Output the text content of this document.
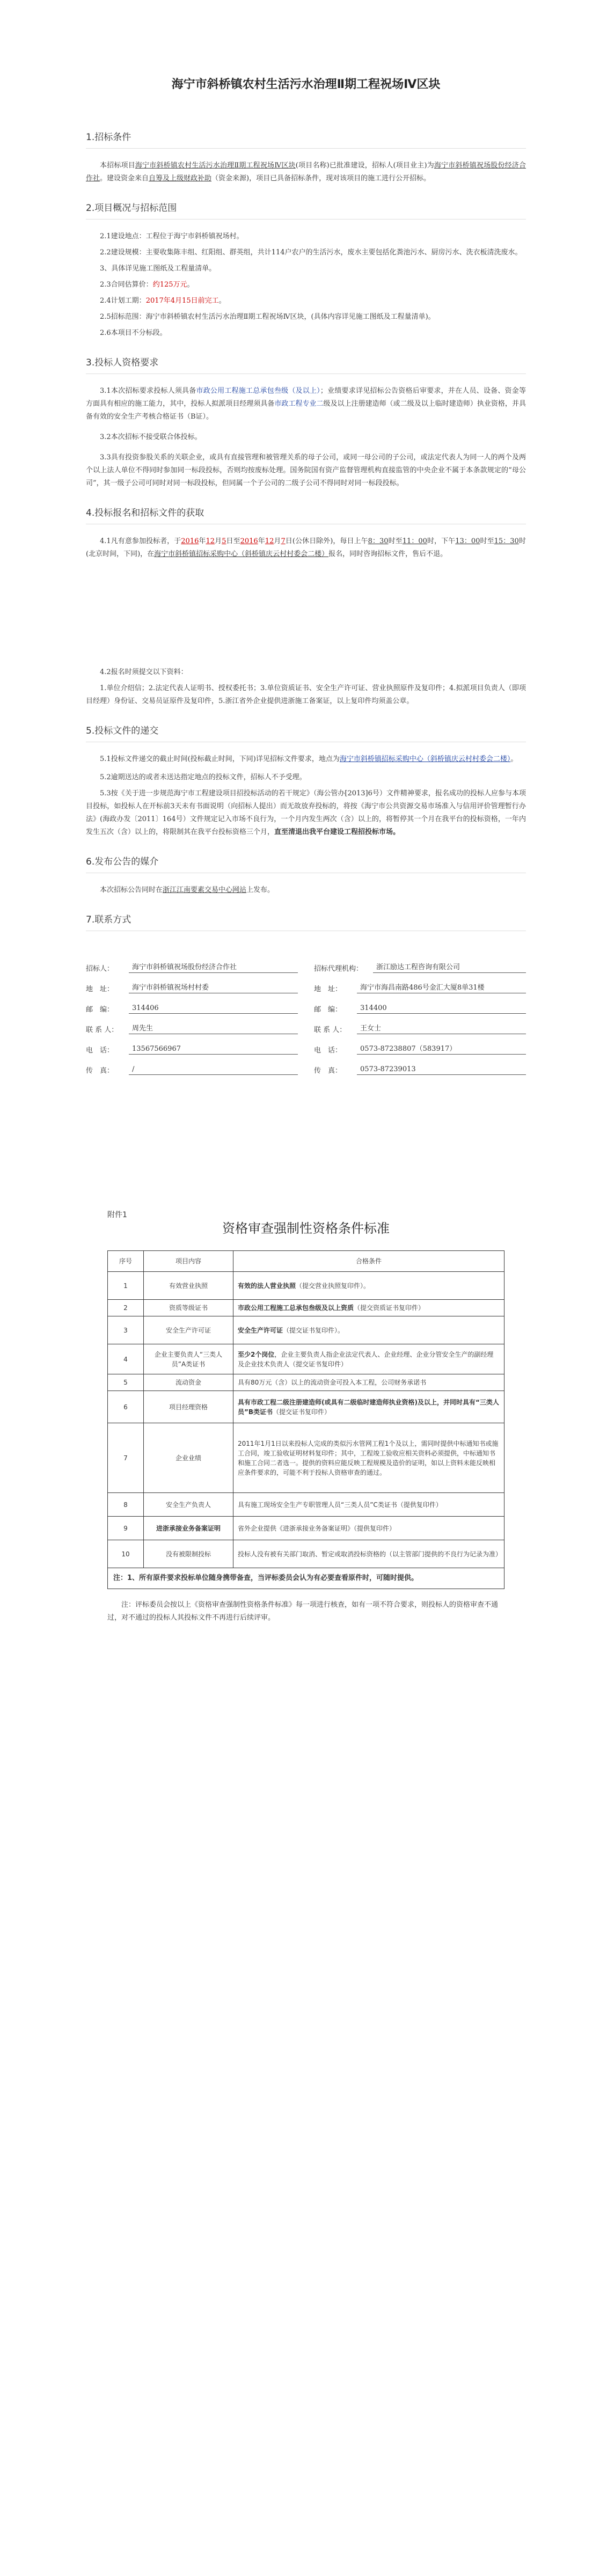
海宁市斜桥镇农村生活污水治理Ⅱ期工程祝场Ⅳ区块
1.招标条件

本招标项目海宁市斜桥镇农村生活污水治理Ⅱ期工程祝场Ⅳ区块(项目名称)已批准建设，招标人(项目业主)为海宁市斜桥镇祝场股份经济合作社。建设资金来自自筹及上级财政补助（资金来源)，项目已具备招标条件，现对该项目的施工进行公开招标。

2.项目概况与招标范围

2.1建设地点：工程位于海宁市斜桥镇祝场村。

2.2建设规模：主要收集陈丰组、红阳组、群英组，共计114户农户的生活污水，废水主要包括化粪池污水、厨房污水、洗衣板清洗废水。

3、具体详见施工图纸及工程量清单。

2.3合同估算价：约125万元。

2.4计划工期：2017年4月15日前完工。

2.5招标范围：海宁市斜桥镇农村生活污水治理Ⅱ期工程祝场Ⅳ区块，(具体内容详见施工图纸及工程量清单)。

2.6本项目不分标段。

3.投标人资格要求

3.1本次招标要求投标人须具备市政公用工程施工总承包叁级（及以上）；业绩要求详见招标公告资格后审要求，并在人员、设备、资金等方面具有相应的施工能力，其中，投标人拟派项目经理须具备市政工程专业二级及以上注册建造师（或二级及以上临时建造师）执业资格，并具备有效的安全生产考核合格证书（B证）。

3.2本次招标不接受联合体投标。

3.3具有投资参股关系的关联企业，或具有直接管理和被管理关系的母子公司，或同一母公司的子公司，或法定代表人为同一人的两个及两个以上法人单位不得同时参加同一标段投标，否则均按废标处理。国务院国有资产监督管理机构直接监管的中央企业不属于本条款规定的“母公司”，其一级子公司可同时对同一标段投标，但同属一个子公司的二级子公司不得同时对同一标段投标。

4.投标报名和招标文件的获取

4.1凡有意参加投标者，于2016年12月5日至2016年12月7日(公休日除外)，每日上午8：30时至11：00时，下午13：00时至15：30时(北京时间，下同)，在海宁市斜桥镇招标采购中心（斜桥镇庆云村村委会二楼）报名，同时咨询招标文件，售后不退。

4.2报名时须提交以下资料：

1.单位介绍信；2.法定代表人证明书、授权委托书；3.单位资质证书、安全生产许可证、营业执照原件及复印件；4.拟派项目负责人（即项目经理）身份证、交易员证原件及复印件，5.浙江省外企业提供进浙施工备案证，以上复印件均须盖公章。

5.投标文件的递交

5.1投标文件递交的截止时间(投标截止时间，下同)详见招标文件要求，地点为海宁市斜桥镇招标采购中心（斜桥镇庆云村村委会二楼）。

5.2逾期送达的或者未送达指定地点的投标文件，招标人不予受理。

5.3按《关于进一步规范海宁市工程建设项目招投标活动的若干规定》（海公管办[2013]6号）文件精神要求，报名成功的投标人应参与本项目投标，如投标人在开标前3天未有书面说明（向招标人提出）而无故放弃投标的，将按《海宁市公共资源交易市场准入与信用评价管理暂行办法》(海政办发〔2011〕164号）文件规定记入市场不良行为，一个月内发生两次（含）以上的，将暂停其一个月在我平台的投标资格，一年内发生五次（含）以上的，将限制其在我平台投标资格三个月，直至清退出我平台建设工程招投标市场。

6.发布公告的媒介

本次招标公告同时在浙江江南要素交易中心网站上发布。

7.联系方式
招标人：	海宁市斜桥镇祝场股份经济合作社
地　址：	海宁市斜桥镇祝场村村委
邮　编：	314406
联 系 人：	周先生
电　话：	13567566967
传　真：	/
招标代理机构：	浙江励达工程咨询有限公司
地　址：	海宁市海昌南路486号金汇大厦8单31楼
邮　编：	314400
联 系 人：	王女士
电　话：	0573-87238807（583917）
传　真：	0573-87239013
附件1
资格审查强制性资格条件标准
序号	项目内容	合格条件
1	有效营业执照	有效的法人营业执照（提交营业执照复印件）。
2	资质等级证书	市政公用工程施工总承包叁级及以上资质（提交资质证书复印件）
3	安全生产许可证	安全生产许可证（提交证书复印件）。
4	企业主要负责人“三类人员”A类证书	至少2个岗位，企业主要负责人指企业法定代表人、企业经理、企业分管安全生产的副经理及企业技术负责人（提交证书复印件）
5	流动资金	具有80万元（含）以上的流动资金可投入本工程，公司财务承诺书
6	项目经理资格	具有市政工程二级注册建造师(或具有二级临时建造师执业资格)及以上，并同时具有“三类人员”B类证书（提交证书复印件）
7	企业业绩	2011年1月1日以来投标人完成的类似污水管网工程1个及以上，需同时提供中标通知书或施工合同，竣工验收证明材料复印件；其中，工程竣工验收应相关资料必须提供，中标通知书和施工合同二者选一。提供的资料应能反映工程规模及造价的证明，如以上资料未能反映相应条件要求的，可能不利于投标人资格审查的通过。
8	安全生产负责人	具有施工现场安全生产专职管理人员“三类人员”C类证书（提供复印件）
9	进浙承接业务备案证明	省外企业提供《进浙承接业务备案证明》（提供复印件）
10	没有被限制投标	投标人没有被有关部门取消、暂定或取消投标资格的（以主管部门提供的不良行为记录为准）
注：1、所有原件要求投标单位随身携带备查，当评标委员会认为有必要查看原件时，可随时提供。		
注：评标委员会按以上《资格审查强制性资格条件标准》每一项进行核查，如有一项不符合要求，则投标人的资格审查不通过，对不通过的投标人其投标文件不再进行后续评审。
